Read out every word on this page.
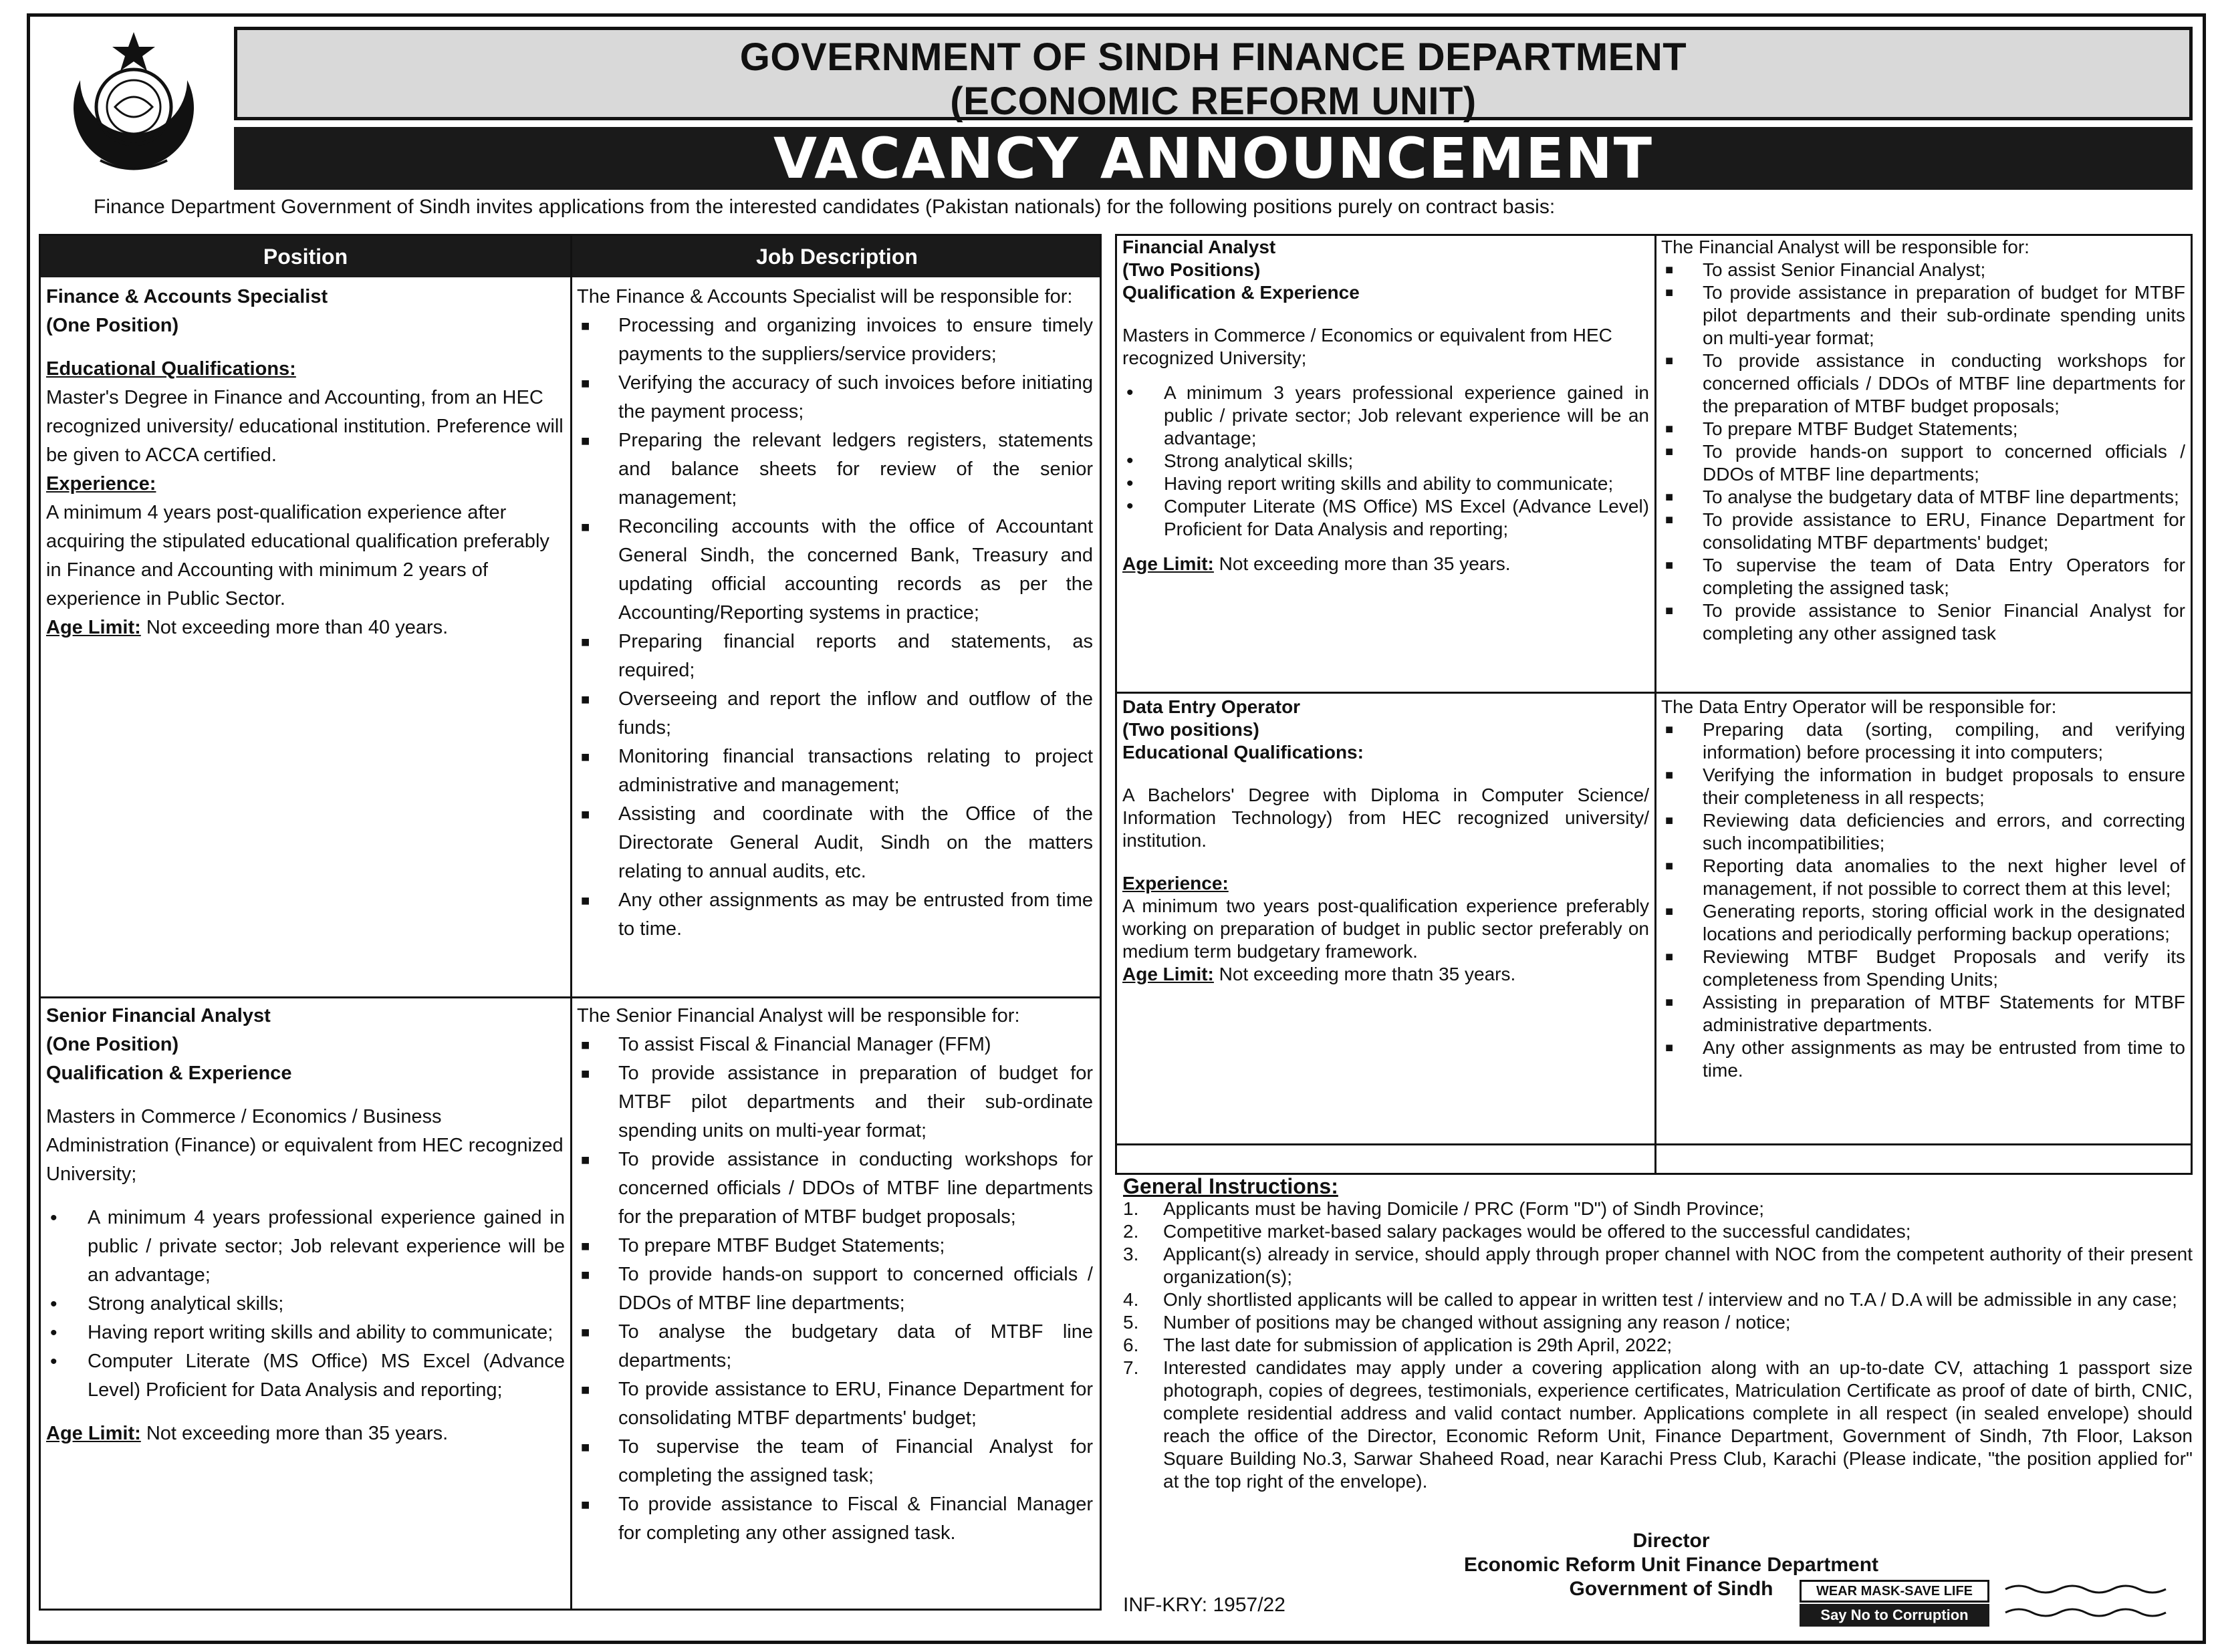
GOVERNMENT OF SINDH FINANCE DEPARTMENT
(ECONOMIC REFORM UNIT)
VACANCY ANNOUNCEMENT
Finance Department Government of Sindh invites applications from the interested candidates (Pakistan nationals) for the following positions purely on contract basis:
Position	Job Description
Finance & Accounts Specialist
(One Position)
Educational Qualifications:
Master's Degree in Finance and Accounting, from an HEC recognized university/ educational institution. Preference will be given to ACCA certified.
Experience:
A minimum 4 years post-qualification experience after acquiring the stipulated educational qualification preferably in Finance and Accounting with minimum 2 years of experience in Public Sector.
Age Limit: Not exceeding more than 40 years.
The Finance & Accounts Specialist will be responsible for:
■ Processing and organizing invoices to ensure timely payments to the suppliers/service providers;
■ Verifying the accuracy of such invoices before initiating the payment process;
■ Preparing the relevant ledgers registers, statements and balance sheets for review of the senior management;
■ Reconciling accounts with the office of Accountant General Sindh, the concerned Bank, Treasury and updating official accounting records as per the Accounting/Reporting systems in practice;
■ Preparing financial reports and statements, as required;
■ Overseeing and report the inflow and outflow of the funds;
■ Monitoring financial transactions relating to project administrative and management;
■ Assisting and coordinate with the Office of the Directorate General Audit, Sindh on the matters relating to annual audits, etc.
■ Any other assignments as may be entrusted from time to time.
Senior Financial Analyst
(One Position)
Qualification & Experience
Masters in Commerce / Economics / Business Administration (Finance) or equivalent from HEC recognized University;
• A minimum 4 years professional experience gained in public / private sector; Job relevant experience will be an advantage;
• Strong analytical skills;
• Having report writing skills and ability to communicate;
• Computer Literate (MS Office) MS Excel (Advance Level) Proficient for Data Analysis and reporting;
Age Limit: Not exceeding more than 35 years.
The Senior Financial Analyst will be responsible for:
■ To assist Fiscal & Financial Manager (FFM)
■ To provide assistance in preparation of budget for MTBF pilot departments and their sub-ordinate spending units on multi-year format;
■ To provide assistance in conducting workshops for concerned officials / DDOs of MTBF line departments for the preparation of MTBF budget proposals;
■ To prepare MTBF Budget Statements;
■ To provide hands-on support to concerned officials / DDOs of MTBF line departments;
■ To analyse the budgetary data of MTBF line departments;
■ To provide assistance to ERU, Finance Department for consolidating MTBF departments' budget;
■ To supervise the team of Financial Analyst for completing the assigned task;
■ To provide assistance to Fiscal & Financial Manager for completing any other assigned task.
Financial Analyst
(Two Positions)
Qualification & Experience
Masters in Commerce / Economics or equivalent from HEC recognized University;
• A minimum 3 years professional experience gained in public / private sector; Job relevant experience will be an advantage;
• Strong analytical skills;
• Having report writing skills and ability to communicate;
• Computer Literate (MS Office) MS Excel (Advance Level) Proficient for Data Analysis and reporting;
Age Limit: Not exceeding more than 35 years.
The Financial Analyst will be responsible for:
■ To assist Senior Financial Analyst;
■ To provide assistance in preparation of budget for MTBF pilot departments and their sub-ordinate spending units on multi-year format;
■ To provide assistance in conducting workshops for concerned officials / DDOs of MTBF line departments for the preparation of MTBF budget proposals;
■ To prepare MTBF Budget Statements;
■ To provide hands-on support to concerned officials / DDOs of MTBF line departments;
■ To analyse the budgetary data of MTBF line departments;
■ To provide assistance to ERU, Finance Department for consolidating MTBF departments' budget;
■ To supervise the team of Data Entry Operators for completing the assigned task;
■ To provide assistance to Senior Financial Analyst for completing any other assigned task
Data Entry Operator
(Two positions)
Educational Qualifications:
A Bachelors' Degree with Diploma in Computer Science/ Information Technology) from HEC recognized university/ institution.
Experience:
A minimum two years post-qualification experience preferably working on preparation of budget in public sector preferably on medium term budgetary framework.
Age Limit: Not exceeding more thatn 35 years.
The Data Entry Operator will be responsible for:
■ Preparing data (sorting, compiling, and verifying information) before processing it into computers;
■ Verifying the information in budget proposals to ensure their completeness in all respects;
■ Reviewing data deficiencies and errors, and correcting such incompatibilities;
■ Reporting data anomalies to the next higher level of management, if not possible to correct them at this level;
■ Generating reports, storing official work in the designated locations and periodically performing backup operations;
■ Reviewing MTBF Budget Proposals and verify its completeness from Spending Units;
■ Assisting in preparation of MTBF Statements for MTBF administrative departments.
■ Any other assignments as may be entrusted from time to time.
General Instructions:
1. Applicants must be having Domicile / PRC (Form "D") of Sindh Province;
2. Competitive market-based salary packages would be offered to the successful candidates;
3. Applicant(s) already in service, should apply through proper channel with NOC from the competent authority of their present organization(s);
4. Only shortlisted applicants will be called to appear in written test / interview and no T.A / D.A will be admissible in any case;
5. Number of positions may be changed without assigning any reason / notice;
6. The last date for submission of application is 29th April, 2022;
7. Interested candidates may apply under a covering application along with an up-to-date CV, attaching 1 passport size photograph, copies of degrees, testimonials, experience certificates, Matriculation Certificate as proof of date of birth, CNIC, complete residential address and valid contact number. Applications complete in all respect (in sealed envelope) should reach the office of the Director, Economic Reform Unit, Finance Department, Government of Sindh, 7th Floor, Lakson Square Building No.3, Sarwar Shaheed Road, near Karachi Press Club, Karachi (Please indicate, "the position applied for" at the top right of the envelope).
Director
Economic Reform Unit Finance Department
Government of Sindh
INF-KRY: 1957/22
WEAR MASK-SAVE LIFE
Say No to Corruption
